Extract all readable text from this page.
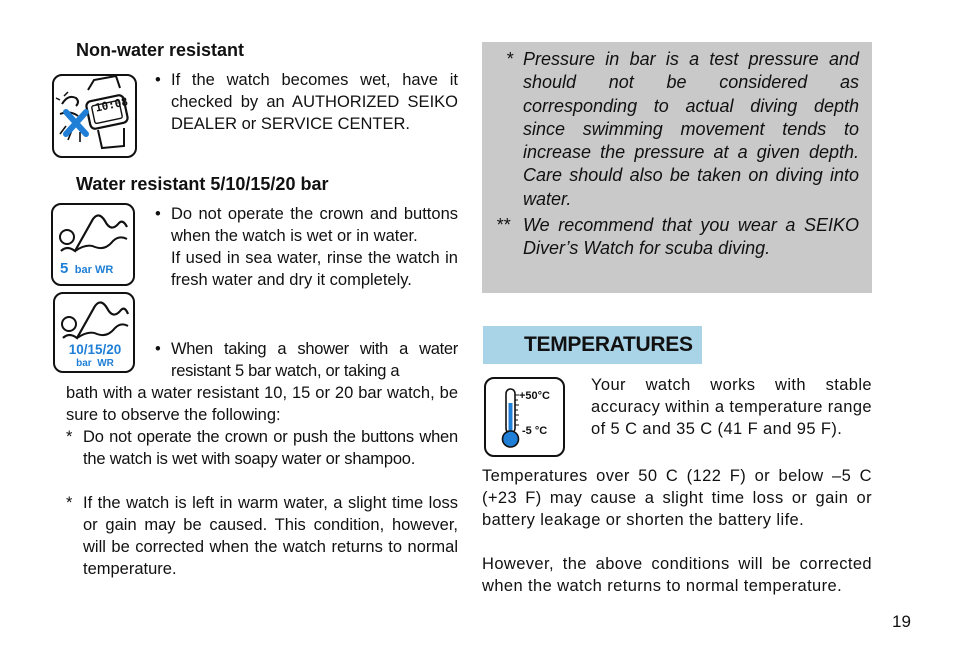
Non-water resistant
10:08
• If the watch becomes wet, have it checked by an AUTHORIZED SEIKO DEALER or SERVICE CENTER.
Water resistant 5/10/15/20 bar
5 bar WR
10/15/20
bar  WR
• Do not operate the crown and buttons when the watch is wet or in water.
If used in sea water, rinse the watch in fresh water and dry it completely.
• When taking a shower with a water resistant 5 bar watch, or taking a
bath with a water resistant 10, 15 or 20 bar watch, be sure to observe the following:
* Do not operate the crown or push the buttons when the watch is wet with soapy water or shampoo.
* If the watch is left in warm water, a slight time loss or gain may be caused. This condition, however, will be corrected when the watch returns to normal temperature.
* Pressure in bar is a test pressure and should not be considered as corresponding to actual diving depth since swimming movement tends to increase the pressure at a given depth. Care should also be taken on diving into water.
** We recommend that you wear a SEIKO Diver’s Watch for scuba diving.
TEMPERATURES
+50°C
-5 °C
Your watch works with stable accuracy within a temperature range of 5 C and 35 C (41 F and 95 F).
Temperatures over 50 C (122 F) or below –5 C (+23 F) may cause a slight time loss or gain or battery leakage or shorten the battery life.
However, the above conditions will be corrected when the watch returns to normal temperature.
19
